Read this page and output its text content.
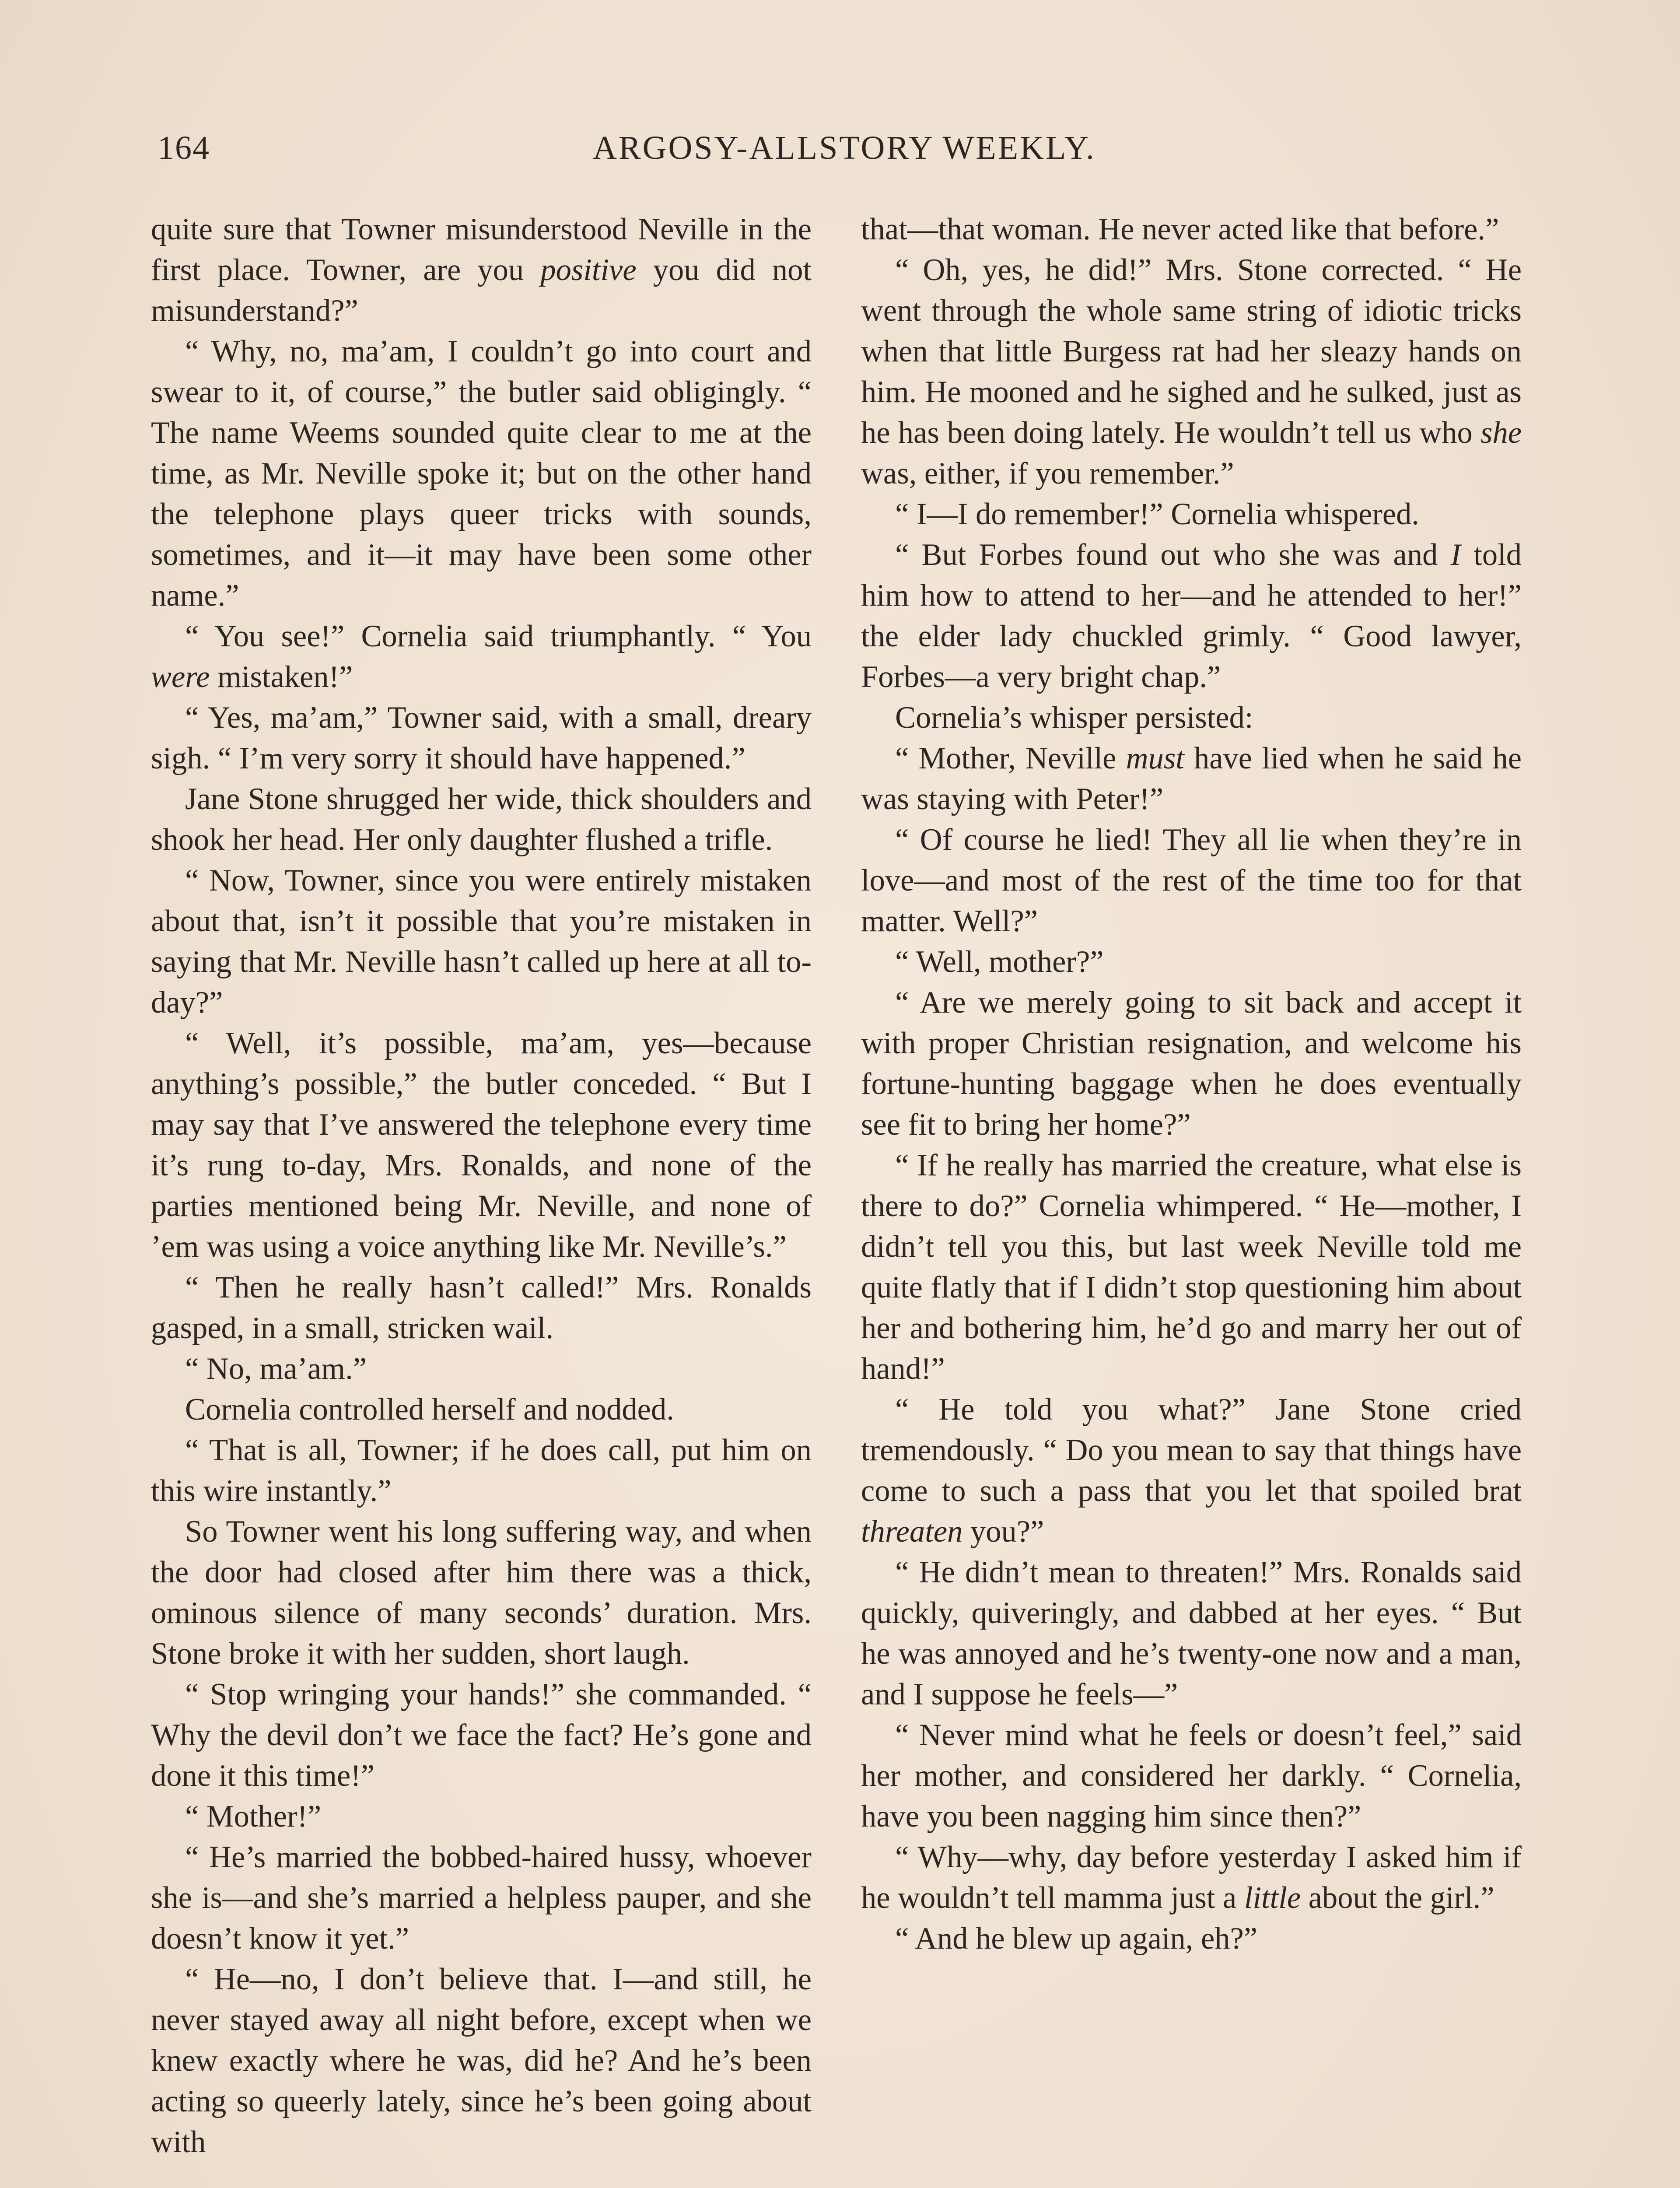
164	ARGOSY-ALLSTORY WEEKLY.

quite sure that Towner misunderstood Neville in the first place. Towner, are you positive you did not misunderstand?”

“ Why, no, ma’am, I couldn’t go into court and swear to it, of course,” the butler said obligingly. “ The name Weems sounded quite clear to me at the time, as Mr. Neville spoke it; but on the other hand the telephone plays queer tricks with sounds, sometimes, and it—it may have been some other name.”

“ You see!” Cornelia said triumphantly. “ You were mistaken!”

“ Yes, ma’am,” Towner said, with a small, dreary sigh. “ I’m very sorry it should have happened.”

Jane Stone shrugged her wide, thick shoulders and shook her head. Her only daughter flushed a trifle.

“ Now, Towner, since you were entirely mistaken about that, isn’t it possible that you’re mistaken in saying that Mr. Neville hasn’t called up here at all to-day?”

“ Well, it’s possible, ma’am, yes—because anything’s possible,” the butler conceded. “ But I may say that I’ve answered the telephone every time it’s rung to-day, Mrs. Ronalds, and none of the parties mentioned being Mr. Neville, and none of ’em was using a voice anything like Mr. Neville’s.”

“ Then he really hasn’t called!” Mrs. Ronalds gasped, in a small, stricken wail.

“ No, ma’am.”

Cornelia controlled herself and nodded.

“ That is all, Towner; if he does call, put him on this wire instantly.”

So Towner went his long suffering way, and when the door had closed after him there was a thick, ominous silence of many seconds’ duration. Mrs. Stone broke it with her sudden, short laugh.

“ Stop wringing your hands!” she commanded. “ Why the devil don’t we face the fact? He’s gone and done it this time!”

“ Mother!”

“ He’s married the bobbed-haired hussy, whoever she is—and she’s married a helpless pauper, and she doesn’t know it yet.”

“ He—no, I don’t believe that. I—and still, he never stayed away all night before, except when we knew exactly where he was, did he? And he’s been acting so queerly lately, since he’s been going about with

that—that woman. He never acted like that before.”

“ Oh, yes, he did!” Mrs. Stone corrected. “ He went through the whole same string of idiotic tricks when that little Burgess rat had her sleazy hands on him. He mooned and he sighed and he sulked, just as he has been doing lately. He wouldn’t tell us who she was, either, if you remember.”

“ I—I do remember!” Cornelia whispered.

“ But Forbes found out who she was and I told him how to attend to her—and he attended to her!” the elder lady chuckled grimly. “ Good lawyer, Forbes—a very bright chap.”

Cornelia’s whisper persisted:

“ Mother, Neville must have lied when he said he was staying with Peter!”

“ Of course he lied! They all lie when they’re in love—and most of the rest of the time too for that matter. Well?”

“ Well, mother?”

“ Are we merely going to sit back and accept it with proper Christian resignation, and welcome his fortune-hunting baggage when he does eventually see fit to bring her home?”

“ If he really has married the creature, what else is there to do?” Cornelia whimpered. “ He—mother, I didn’t tell you this, but last week Neville told me quite flatly that if I didn’t stop questioning him about her and bothering him, he’d go and marry her out of hand!”

“ He told you what?” Jane Stone cried tremendously. “ Do you mean to say that things have come to such a pass that you let that spoiled brat threaten you?”

“ He didn’t mean to threaten!” Mrs. Ronalds said quickly, quiveringly, and dabbed at her eyes. “ But he was annoyed and he’s twenty-one now and a man, and I suppose he feels—”

“ Never mind what he feels or doesn’t feel,” said her mother, and considered her darkly. “ Cornelia, have you been nagging him since then?”

“ Why—why, day before yesterday I asked him if he wouldn’t tell mamma just a little about the girl.”

“ And he blew up again, eh?”
